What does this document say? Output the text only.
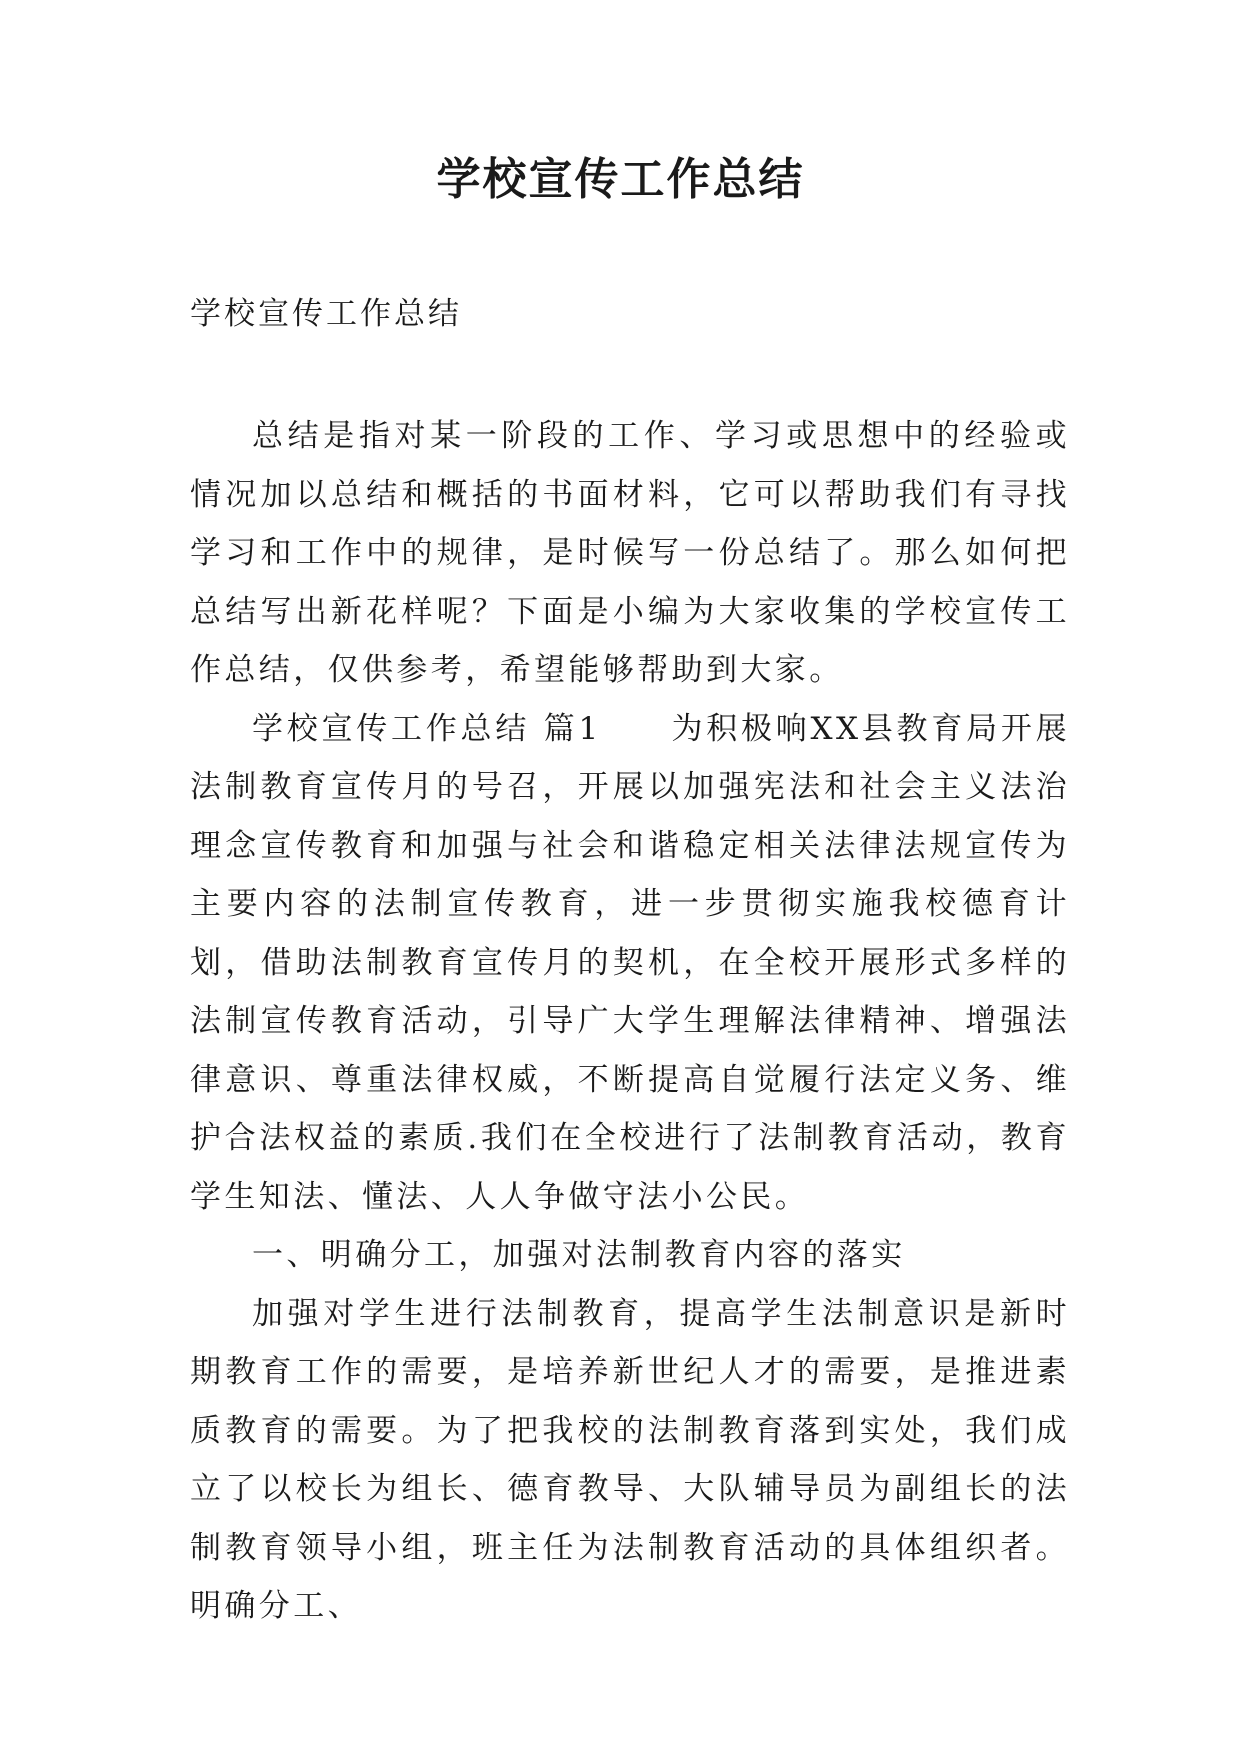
学校宣传工作总结

学校宣传工作总结

总结是指对某一阶段的工作、学习或思想中的经验或情况加以总结和概括的书面材料，它可以帮助我们有寻找学习和工作中的规律，是时候写一份总结了。那么如何把总结写出新花样呢？下面是小编为大家收集的学校宣传工作总结，仅供参考，希望能够帮助到大家。

学校宣传工作总结 篇1　　为积极响XX县教育局开展法制教育宣传月的号召，开展以加强宪法和社会主义法治理念宣传教育和加强与社会和谐稳定相关法律法规宣传为主要内容的法制宣传教育，进一步贯彻实施我校德育计划，借助法制教育宣传月的契机，在全校开展形式多样的法制宣传教育活动，引导广大学生理解法律精神、增强法律意识、尊重法律权威，不断提高自觉履行法定义务、维护合法权益的素质.我们在全校进行了法制教育活动，教育学生知法、懂法、人人争做守法小公民。

一、明确分工，加强对法制教育内容的落实

加强对学生进行法制教育，提高学生法制意识是新时期教育工作的需要，是培养新世纪人才的需要，是推进素质教育的需要。为了把我校的法制教育落到实处，我们成立了以校长为组长、德育教导、大队辅导员为副组长的法制教育领导小组，班主任为法制教育活动的具体组织者。明确分工、
